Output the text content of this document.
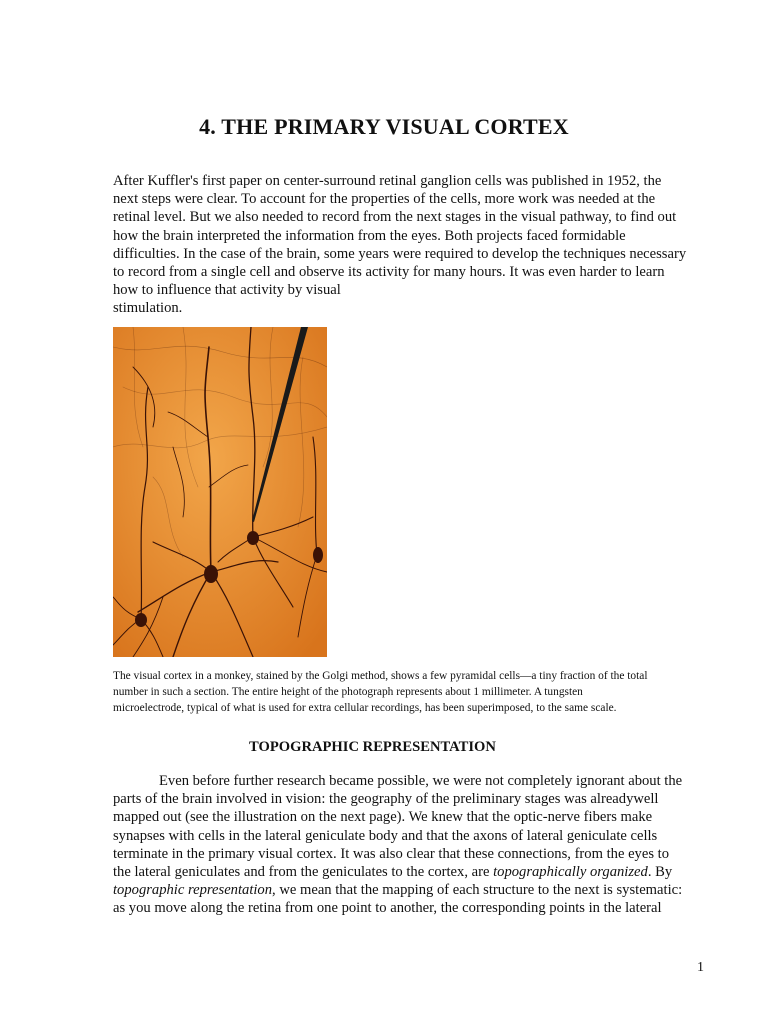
4. THE PRIMARY VISUAL CORTEX
After Kuffler's first paper on center-surround retinal ganglion cells was published in 1952, the
next steps were clear. To account for the properties of the cells, more work was needed at the
retinal level. But we also needed to record from the next stages in the visual pathway, to find out
how the brain interpreted the information from the eyes. Both projects faced formidable
difficulties. In the case of the brain, some years were required to develop the techniques necessary
to record from a single cell and observe its activity for many hours. It was even harder to learn
how to influence that activity by visual
stimulation.
The visual cortex in a monkey, stained by the Golgi method, shows a few pyramidal cells—a tiny fraction of the total
number in such a section. The entire height of the photograph represents about 1 millimeter. A tungsten
microelectrode, typical of what is used for extra cellular recordings, has been superimposed, to the same scale.
TOPOGRAPHIC REPRESENTATION
Even before further research became possible, we were not completely ignorant about the
parts of the brain involved in vision: the geography of the preliminary stages was alreadywell
mapped out (see the illustration on the next page). We knew that the optic-nerve fibers make
synapses with cells in the lateral geniculate body and that the axons of lateral geniculate cells
terminate in the primary visual cortex. It was also clear that these connections, from the eyes to
the lateral geniculates and from the geniculates to the cortex, are topographically organized. By
topographic representation, we mean that the mapping of each structure to the next is systematic:
as you move along the retina from one point to another, the corresponding points in the lateral
1
